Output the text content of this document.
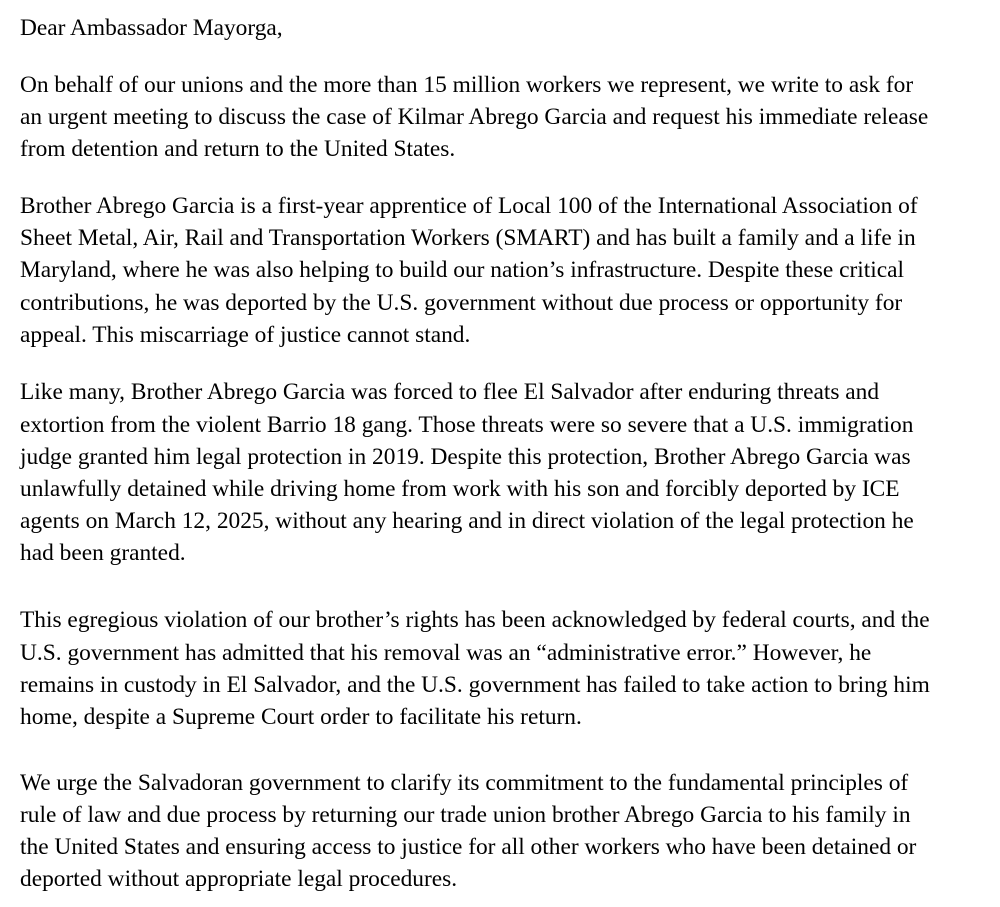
Dear Ambassador Mayorga,
On behalf of our unions and the more than 15 million workers we represent, we write to ask for
an urgent meeting to discuss the case of Kilmar Abrego Garcia and request his immediate release
from detention and return to the United States.
Brother Abrego Garcia is a first-year apprentice of Local 100 of the International Association of
Sheet Metal, Air, Rail and Transportation Workers (SMART) and has built a family and a life in
Maryland, where he was also helping to build our nation’s infrastructure. Despite these critical
contributions, he was deported by the U.S. government without due process or opportunity for
appeal. This miscarriage of justice cannot stand.
Like many, Brother Abrego Garcia was forced to flee El Salvador after enduring threats and
extortion from the violent Barrio 18 gang. Those threats were so severe that a U.S. immigration
judge granted him legal protection in 2019. Despite this protection, Brother Abrego Garcia was
unlawfully detained while driving home from work with his son and forcibly deported by ICE
agents on March 12, 2025, without any hearing and in direct violation of the legal protection he
had been granted.
This egregious violation of our brother’s rights has been acknowledged by federal courts, and the
U.S. government has admitted that his removal was an “administrative error.” However, he
remains in custody in El Salvador, and the U.S. government has failed to take action to bring him
home, despite a Supreme Court order to facilitate his return.
We urge the Salvadoran government to clarify its commitment to the fundamental principles of
rule of law and due process by returning our trade union brother Abrego Garcia to his family in
the United States and ensuring access to justice for all other workers who have been detained or
deported without appropriate legal procedures.
